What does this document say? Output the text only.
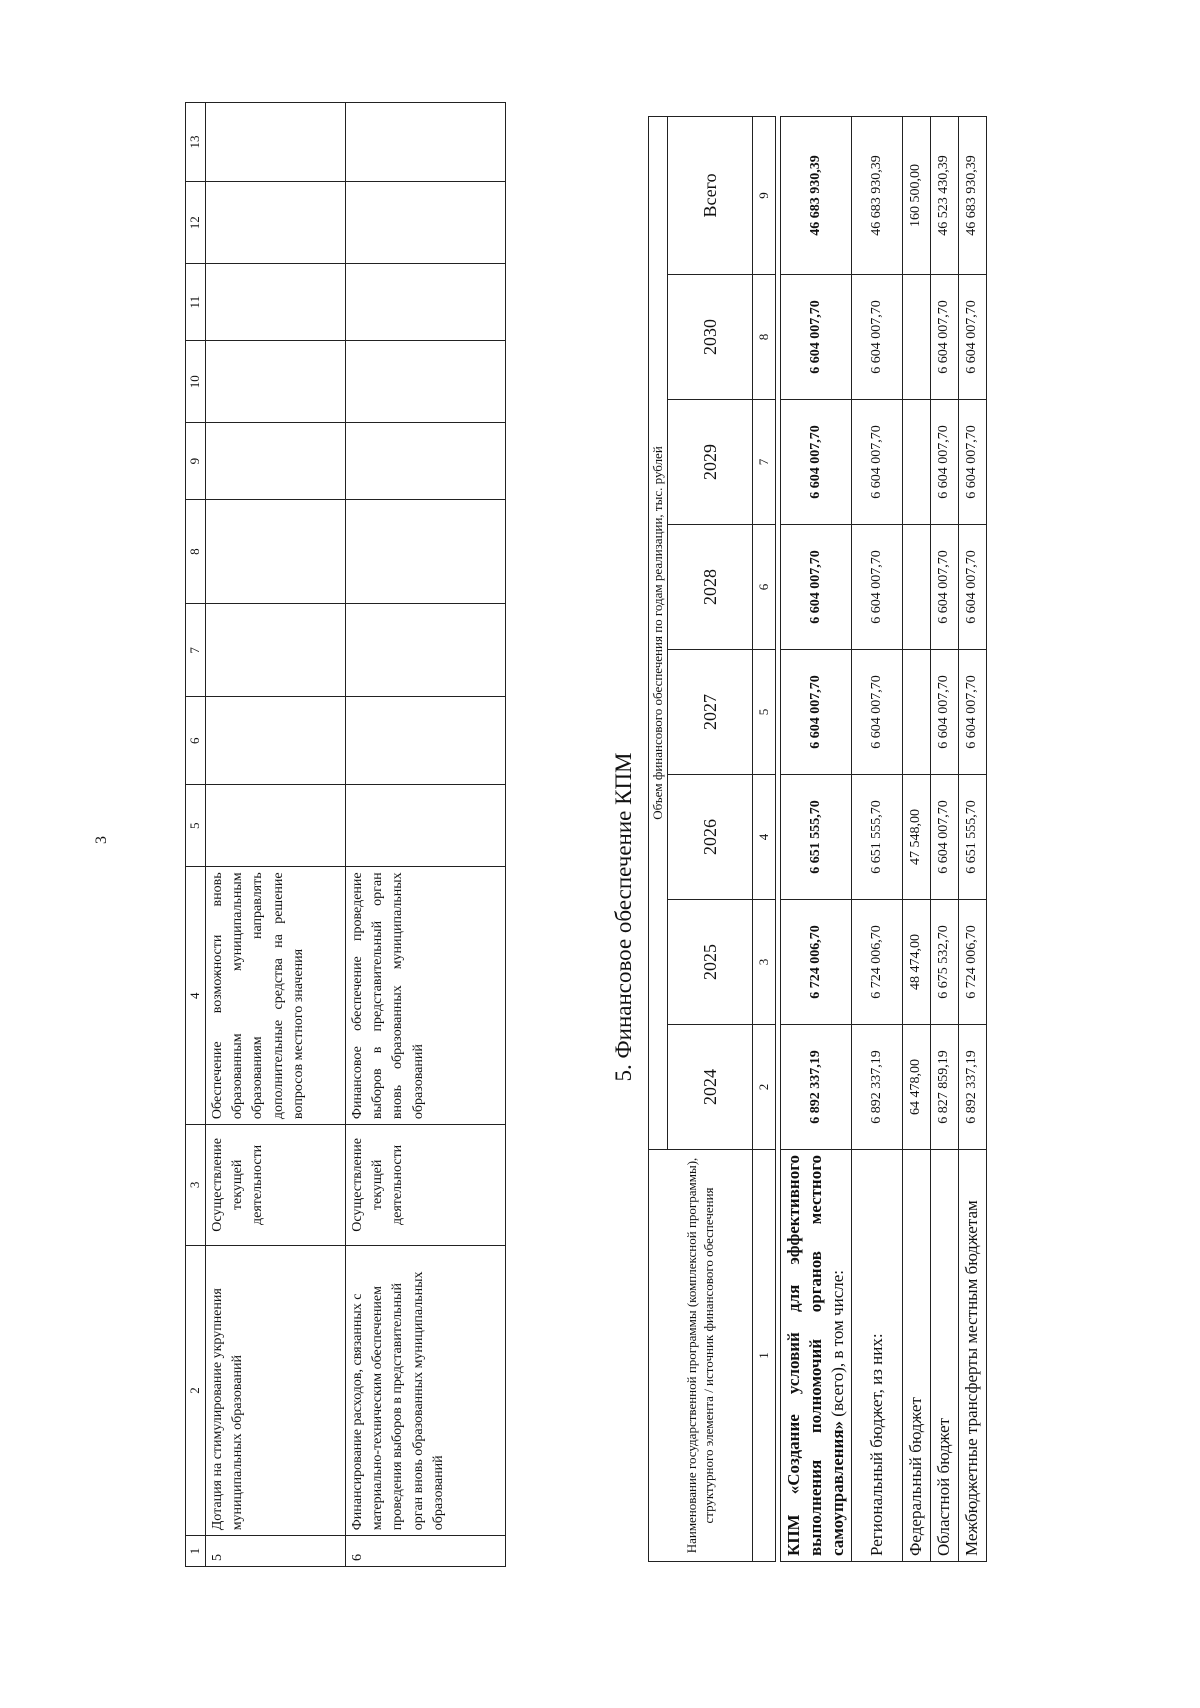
3
1	2	3	4	5	6	7	8	9	10	11	12	13
5	Дотация на стимулирование укрупнения муниципальных образований	Осуществление текущей деятельности	Обеспечение возможности вновь образованным муниципальным образованиям направлять дополнительные средства на решение вопросов местного значения									
6	Финансирование расходов, связанных с материально-техническим обеспечением проведения выборов в представительный орган вновь образованных муниципальных образований	Осуществление текущей деятельности	Финансовое обеспечение проведение выборов в представительный орган вновь образованных муниципальных образований									
5. Финансовое обеспечение КПМ
Наименование государственной программы (комплексной программы), структурного элемента / источник финансового обеспечения	Объем финансового обеспечения по годам реализации, тыс. рублей							
	2024	2025	2026	2027	2028	2029	2030	Всего
1	2	3	4	5	6	7	8	9

КПМ «Создание условий для эффективного выполнения полномочий органов местного самоуправления» (всего), в том числе:	6 892 337,19	6 724 006,70	6 651 555,70	6 604 007,70	6 604 007,70	6 604 007,70	6 604 007,70	46 683 930,39
Региональный бюджет, из них:	6 892 337,19	6 724 006,70	6 651 555,70	6 604 007,70	6 604 007,70	6 604 007,70	6 604 007,70	46 683 930,39
Федеральный бюджет	64 478,00	48 474,00	47 548,00					160 500,00
Областной бюджет	6 827 859,19	6 675 532,70	6 604 007,70	6 604 007,70	6 604 007,70	6 604 007,70	6 604 007,70	46 523 430,39
Межбюджетные трансферты местным бюджетам	6 892 337,19	6 724 006,70	6 651 555,70	6 604 007,70	6 604 007,70	6 604 007,70	6 604 007,70	46 683 930,39
